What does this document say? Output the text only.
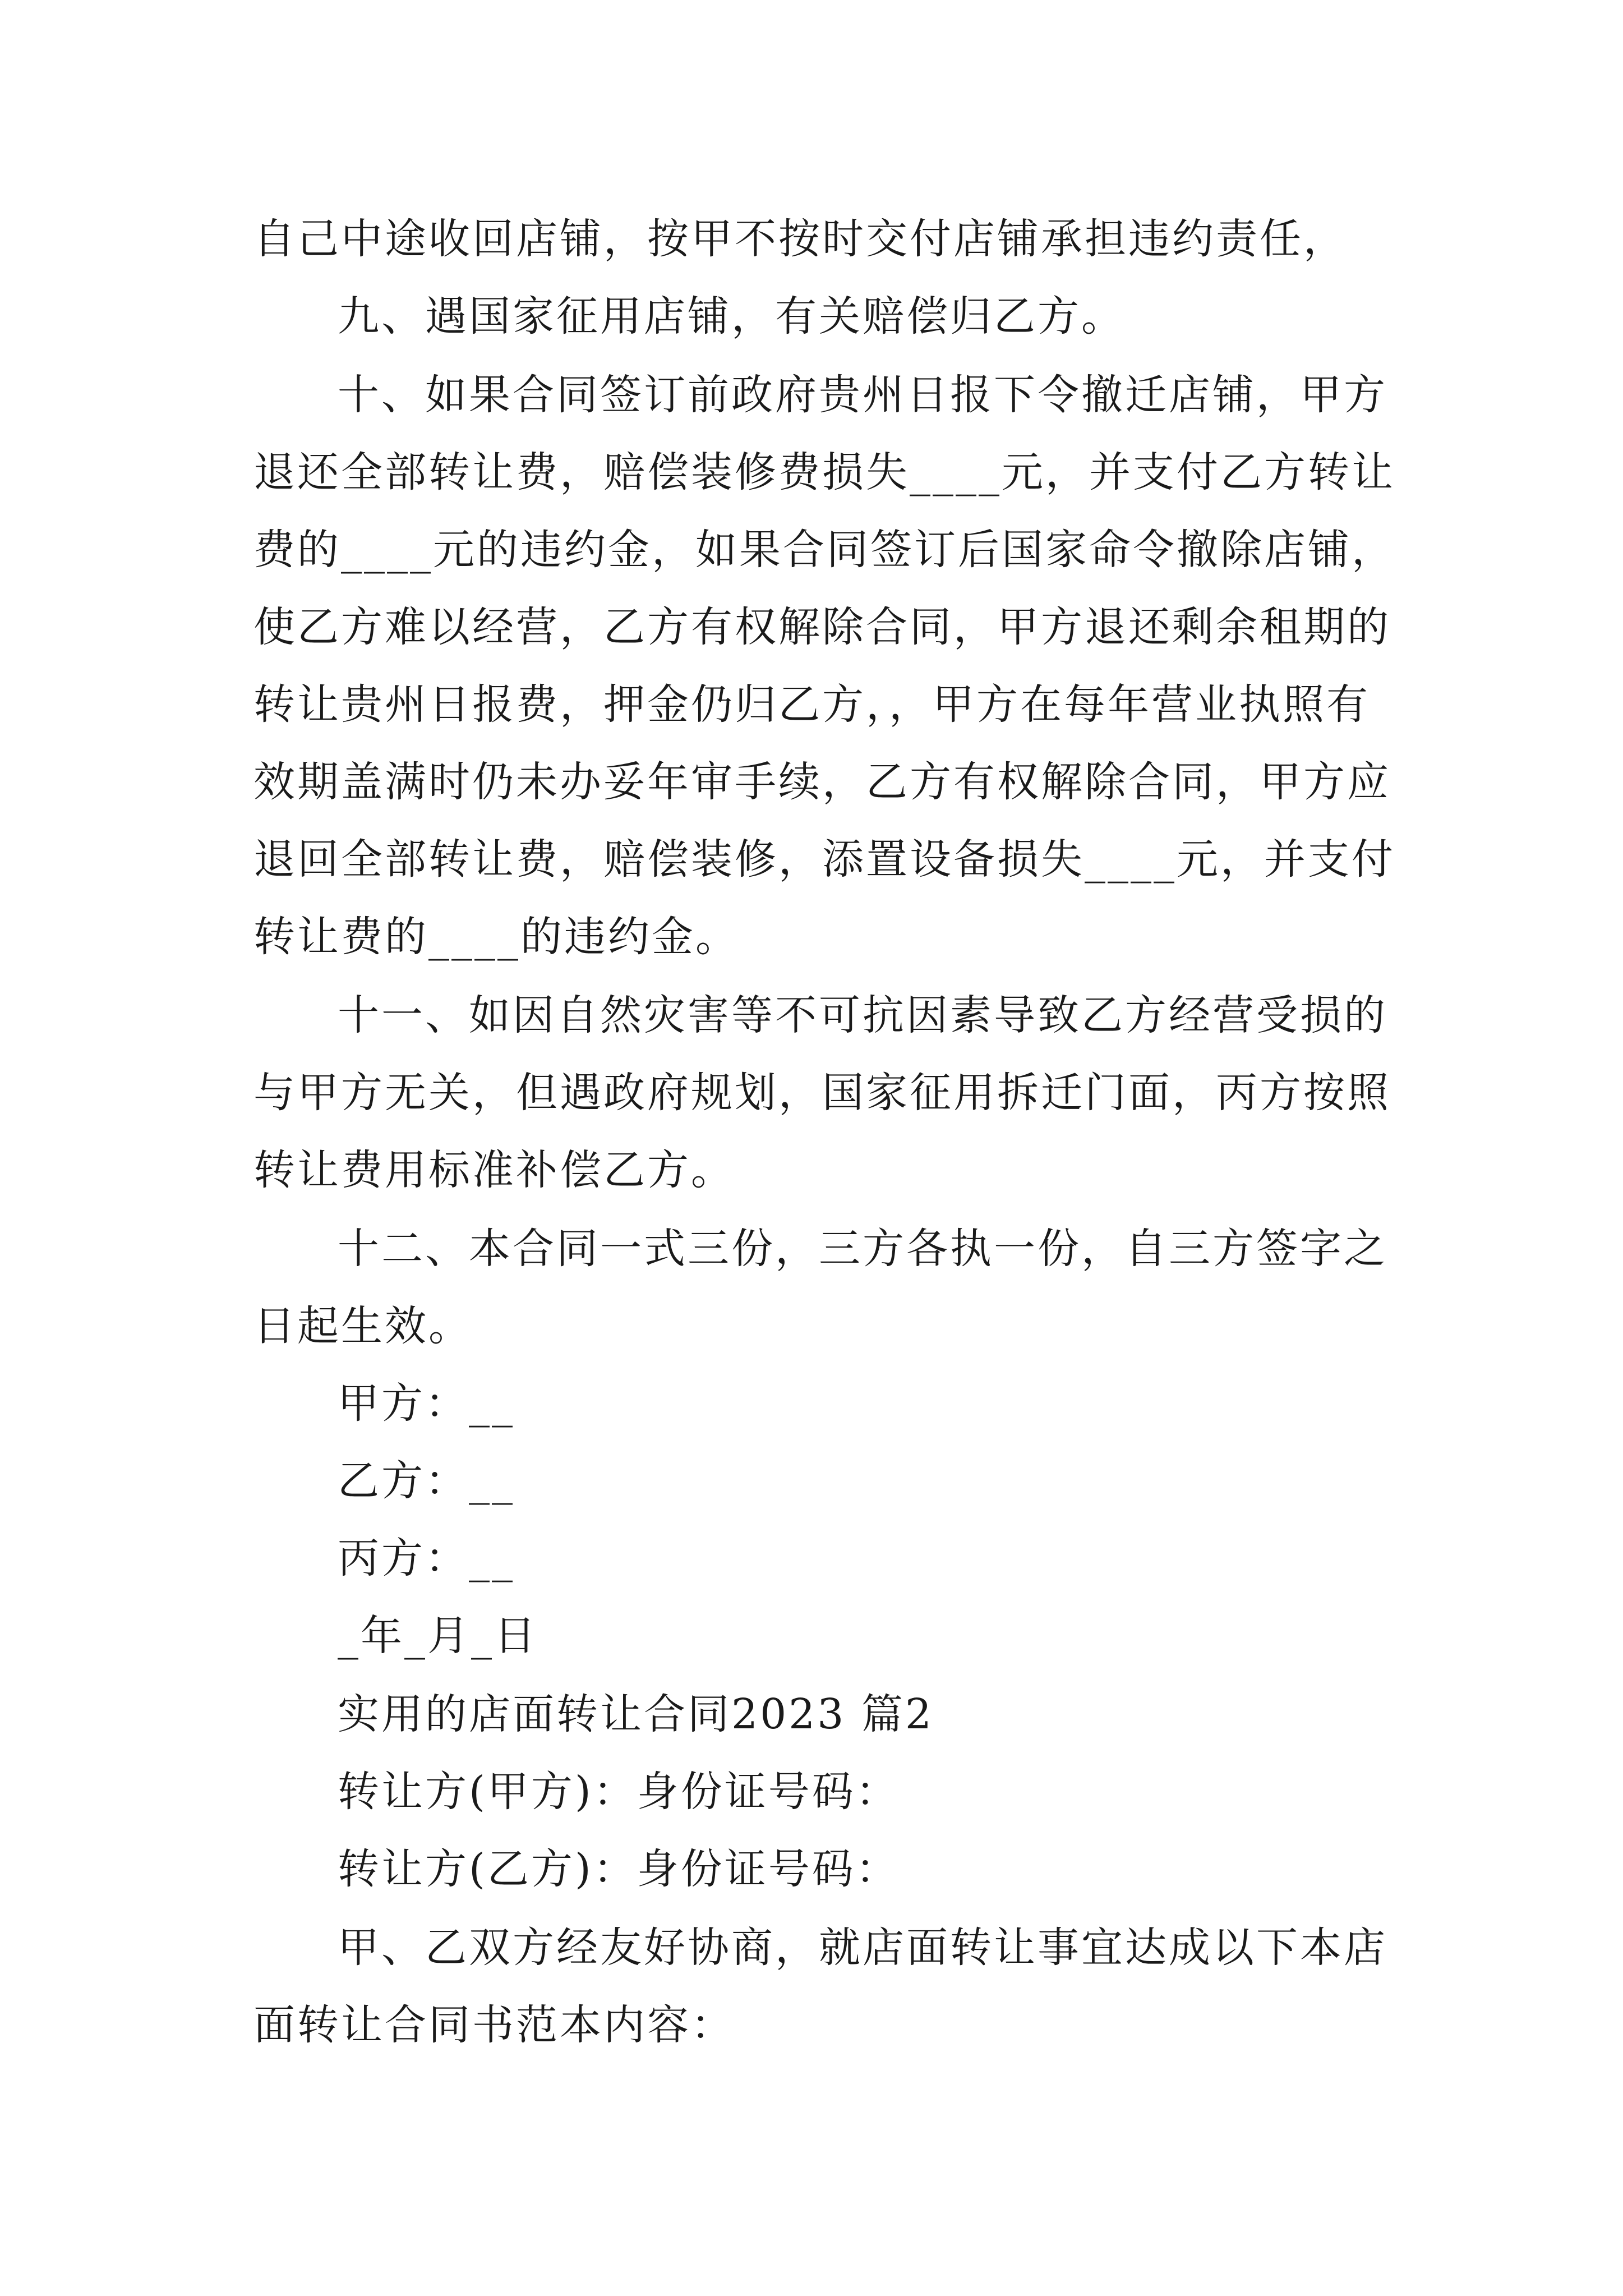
自己中途收回店铺，按甲不按时交付店铺承担违约责任，
九、遇国家征用店铺，有关赔偿归乙方。
十、如果合同签订前政府贵州日报下令撤迁店铺，甲方
退还全部转让费，赔偿装修费损失____元，并支付乙方转让
费的____元的违约金，如果合同签订后国家命令撤除店铺，
使乙方难以经营，乙方有权解除合同，甲方退还剩余租期的
转让贵州日报费，押金仍归乙方，，甲方在每年营业执照有
效期盖满时仍未办妥年审手续，乙方有权解除合同，甲方应
退回全部转让费，赔偿装修，添置设备损失____元，并支付
转让费的____的违约金。
十一、如因自然灾害等不可抗因素导致乙方经营受损的
与甲方无关，但遇政府规划，国家征用拆迁门面，丙方按照
转让费用标准补偿乙方。
十二、本合同一式三份，三方各执一份，自三方签字之
日起生效。
甲方：__
乙方：__
丙方：__
_年_月_日
实用的店面转让合同2023 篇2
转让方(甲方)：身份证号码：
转让方(乙方)：身份证号码：
甲、乙双方经友好协商，就店面转让事宜达成以下本店
面转让合同书范本内容：
